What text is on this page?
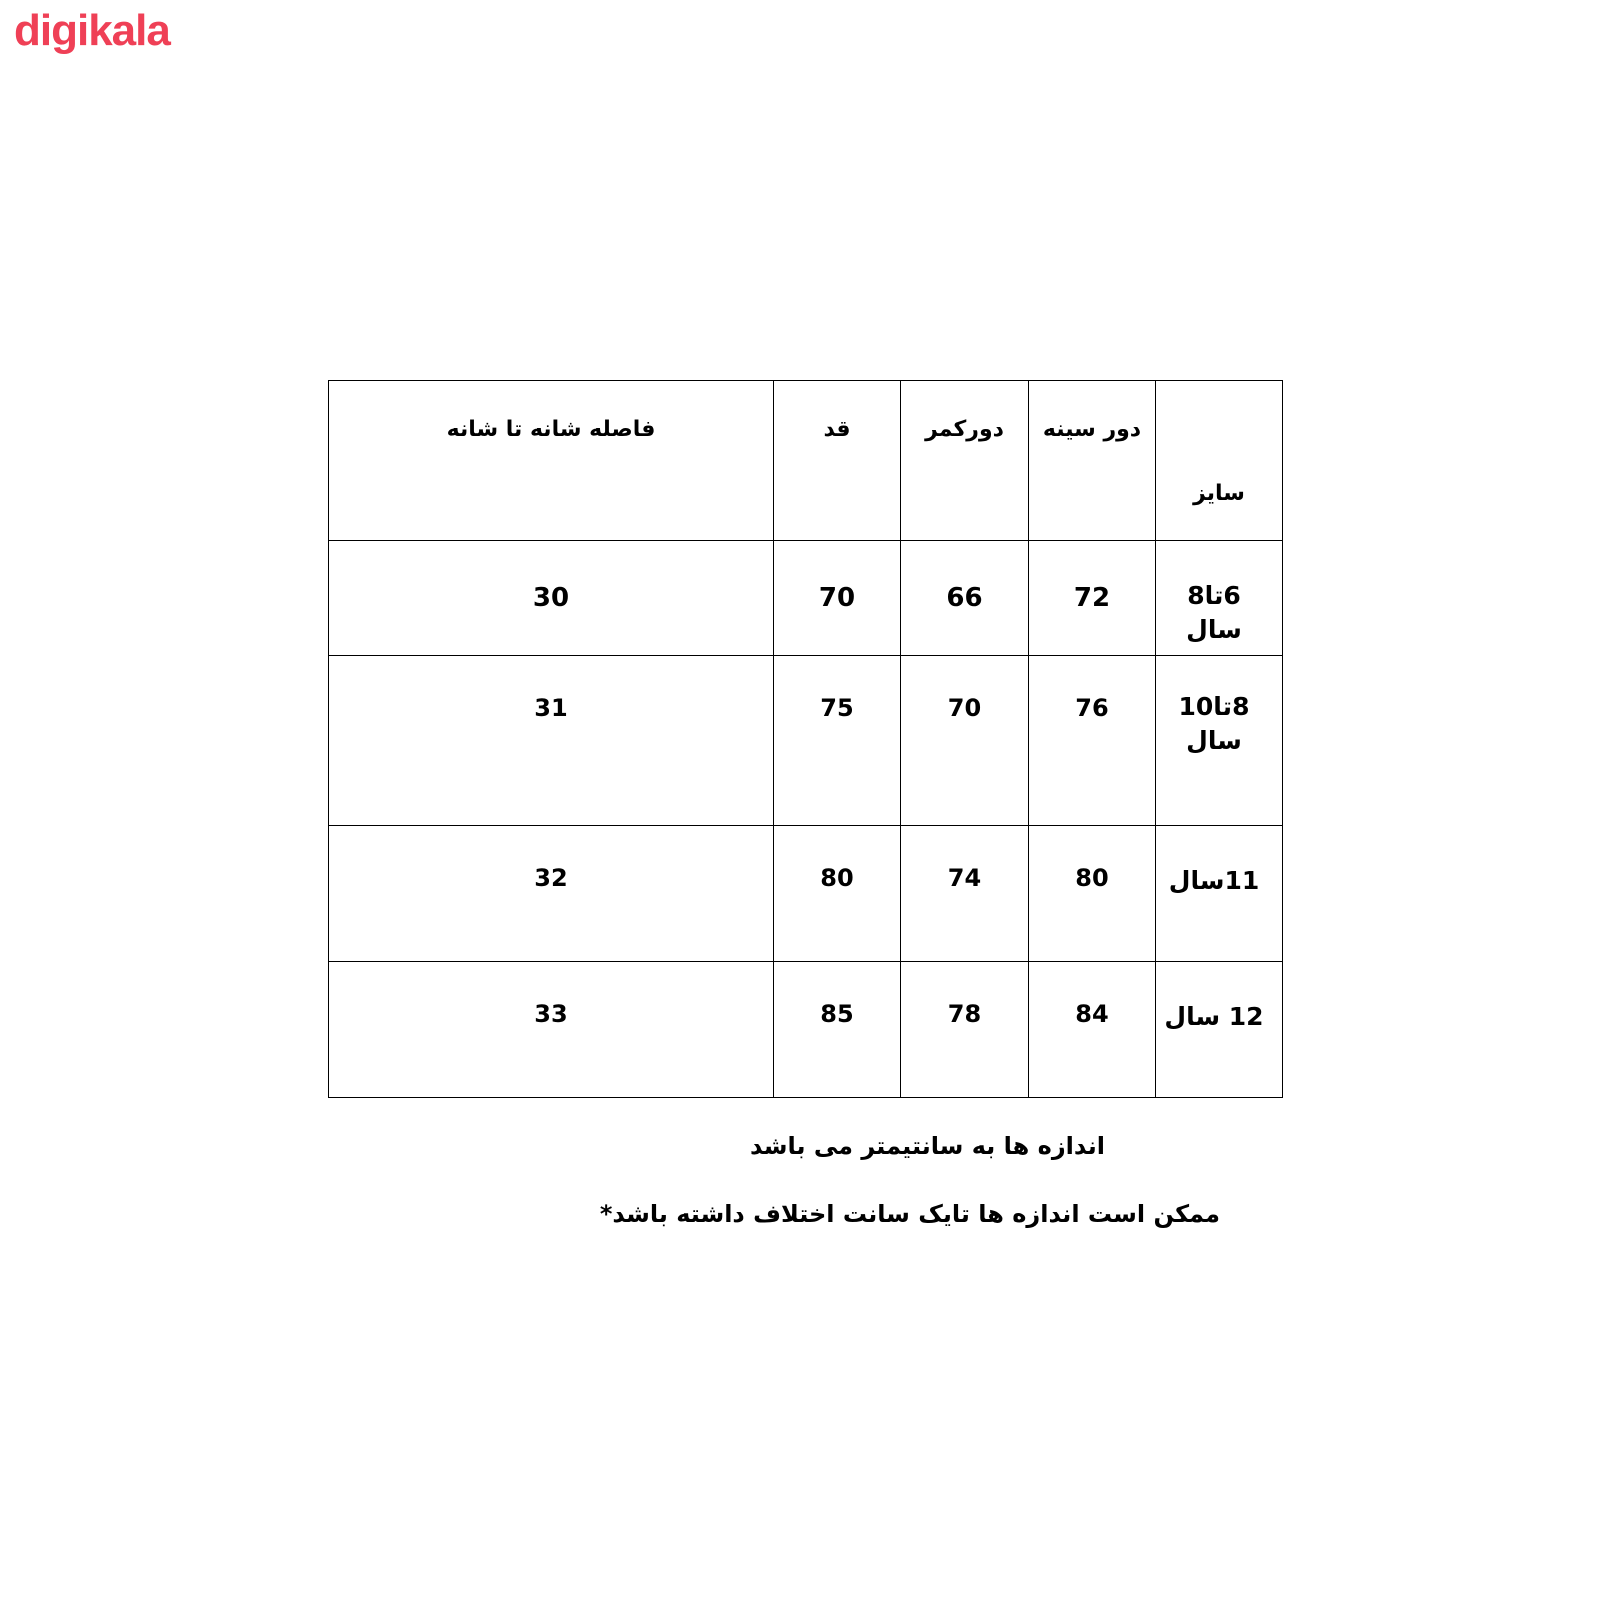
digikala
فاصله شانه تا شانه	قد	دورکمر	دور سینه	سایز
30	70	66	72	6تا8 سال
31	75	70	76	8تا10 سال
32	80	74	80	11سال
33	85	78	84	12 سال
اندازه ها به سانتیمتر می باشد
ممکن است اندازه ها تایک سانت اختلاف داشته باشد*
